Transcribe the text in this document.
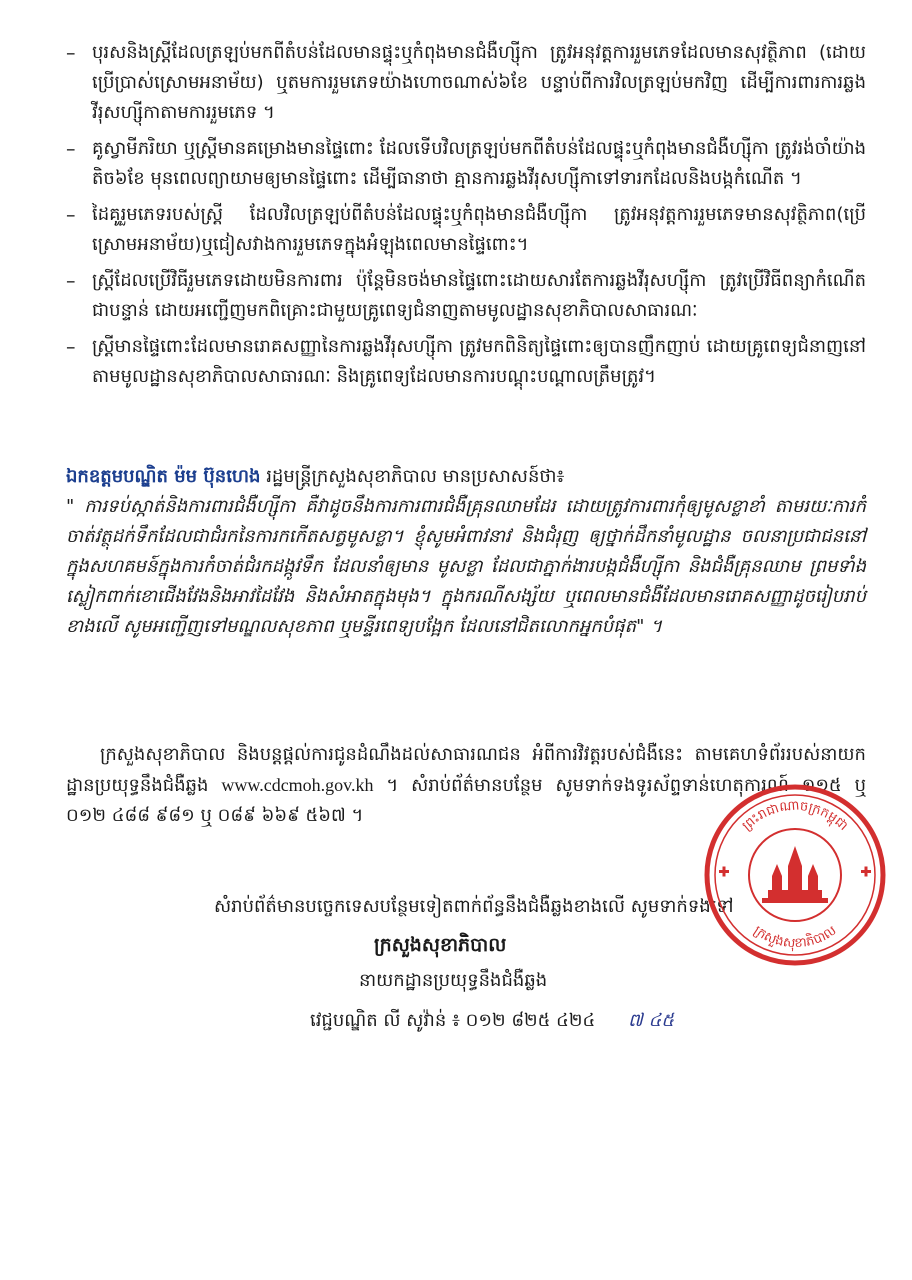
– បុរសនិងស្ត្រីដែលត្រឡប់មកពីតំបន់ដែលមានផ្ទុះឬកំពុងមានជំងឺហ្ស៊ីកា ត្រូវអនុវត្តការរួមភេទដែលមានសុវត្ថិភាព (ដោយប្រើប្រាស់ស្រោមអនាម័យ) ឬតមការរួមភេទយ៉ាងហោចណាស់៦ខែ បន្ទាប់ពីការវិលត្រឡប់មកវិញ ដើម្បីការពារការឆ្លងវីរុសហ្ស៊ីកាតាមការរួមភេទ ។
– គូស្វាមីភរិយា ឬស្ត្រីមានគម្រោងមានផ្ទៃពោះ ដែលទើបវិលត្រឡប់មកពីតំបន់ដែលផ្ទុះឬកំពុងមានជំងឺហ្ស៊ីកា ត្រូវរង់ចាំយ៉ាងតិច៦ខែ មុនពេលព្យាយាមឲ្យមានផ្ទៃពោះ ដើម្បីធានាថា គ្មានការឆ្លងវីរុសហ្ស៊ីកាទៅទារកដែលនិងបង្កកំណើត ។
– ដៃគូរួមភេទរបស់ស្ត្រី ដែលវិលត្រឡប់ពីតំបន់ដែលផ្ទុះឬកំពុងមានជំងឺហ្ស៊ីកា ត្រូវអនុវត្តការរួមភេទមានសុវត្ថិភាព(ប្រើស្រោមអនាម័យ)ឬជៀសវាងការរួមភេទក្នុងអំឡុងពេលមានផ្ទៃពោះ។
– ស្ត្រីដែលប្រើវិធីរួមភេទដោយមិនការពារ ប៉ុន្តែមិនចង់មានផ្ទៃពោះដោយសារតែការឆ្លងវីរុសហ្ស៊ីកា ត្រូវប្រើវិធីពន្យាកំណើតជាបន្ទាន់ ដោយអញ្ជើញមកពិគ្រោះជាមួយគ្រូពេទ្យជំនាញតាមមូលដ្ឋានសុខាភិបាលសាធារណៈ
– ស្ត្រីមានផ្ទៃពោះដែលមានរោគសញ្ញានៃការឆ្លងវីរុសហ្ស៊ីកា ត្រូវមកពិនិត្យផ្ទៃពោះឲ្យបានញឹកញាប់ ដោយគ្រូពេទ្យជំនាញនៅតាមមូលដ្ឋានសុខាភិបាលសាធារណៈ និងគ្រូពេទ្យដែលមានការបណ្តុះបណ្តាលត្រឹមត្រូវ។

ឯកឧត្តមបណ្ឌិត ម៉ម ប៊ុនហេង រដ្ឋមន្ត្រីក្រសួងសុខាភិបាល មានប្រសាសន៍ថា៖

" ការទប់ស្កាត់និងការពារជំងឺហ្ស៊ីកា គឺវាដូចនឹងការការពារជំងឺគ្រុនឈាមដែរ ដោយត្រូវការពារកុំឲ្យមូសខ្លាខាំ តាមរយៈការកំចាត់វត្ថុដក់ទឹកដែលជាជំរកនៃការកកើតសត្វមូសខ្លា។ ខ្ញុំសូមអំពាវនាវ និងជំរុញ ឲ្យថ្នាក់ដឹកនាំមូលដ្ឋាន ចលនាប្រជាជននៅក្នុងសហគមន៍ក្នុងការកំចាត់ជំរកដង្កូវទឹក ដែលនាំឲ្យមាន មូសខ្លា ដែលជាភ្នាក់ងារបង្កជំងឺហ្ស៊ីកា និងជំងឺគ្រុនឈាម ព្រមទាំងស្លៀកពាក់ខោជើងវែងនិងអាវដៃវែង និងសំអាតក្នុងមុង។ ក្នុងករណីសង្ស័យ ឬពេលមានជំងឺដែលមានរោគសញ្ញាដូចរៀបរាប់ខាងលើ សូមអញ្ជើញទៅមណ្ឌលសុខភាព ឬមន្ទីរពេទ្យបង្អែក ដែលនៅជិតលោកអ្នកបំផុត" ។

ក្រសួងសុខាភិបាល និងបន្តផ្តល់ការជូនដំណឹងដល់សាធារណជន អំពីការវិវត្តរបស់ជំងឺនេះ តាមគេហទំព័ររបស់នាយកដ្ឋានប្រយុទ្ធនឹងជំងឺឆ្លង www.cdcmoh.gov.kh ។ សំរាប់ព័ត៌មានបន្ថែម សូមទាក់ទងទូរស័ព្ទទាន់ហេតុការណ៍ ១១៥ ឬ ០១២ ៤៨៨ ៩៨១ ឬ ០៨៩ ៦៦៩ ៥៦៧ ។

សំរាប់ព័ត៌មានបច្ចេកទេសបន្ថែមទៀតពាក់ព័ន្ធនឹងជំងឺឆ្លងខាងលើ សូមទាក់ទងទៅ
ក្រសួងសុខាភិបាល
នាយកដ្ឋានប្រយុទ្ធនឹងជំងឺឆ្លង
វេជ្ជបណ្ឌិត លី សូវ៉ាន់ ៖ ០១២ ៨២៥ ៤២៤ ៧ ៤៥
ព្រះរាជាណាចក្រកម្ពុជា
ក្រសួងសុខាភិបាល
